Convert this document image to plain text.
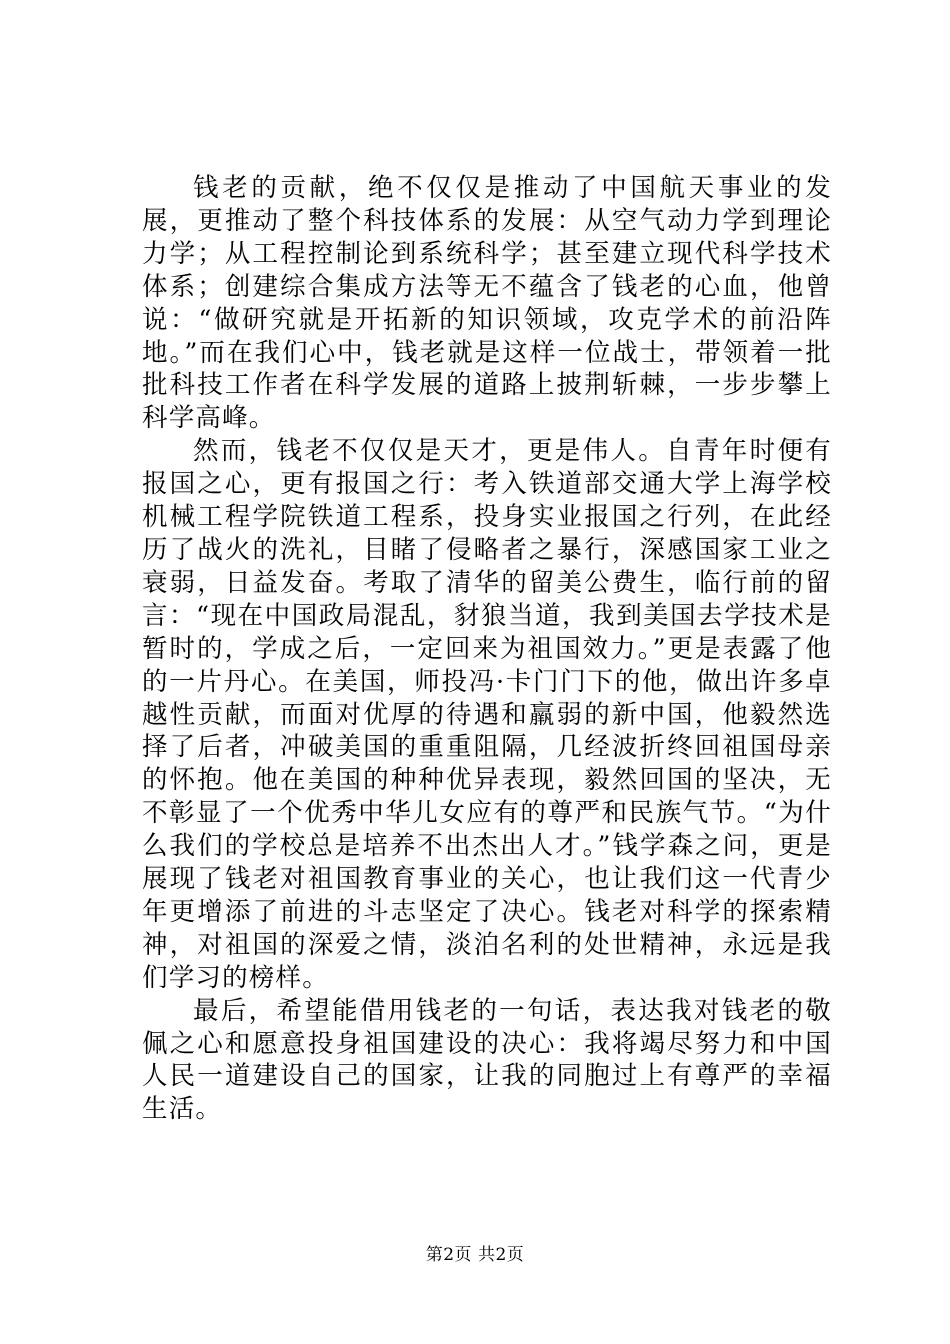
钱老的贡献，绝不仅仅是推动了中国航天事业的发展，更推动了整个科技体系的发展：从空气动力学到理论力学；从工程控制论到系统科学；甚至建立现代科学技术体系；创建综合集成方法等无不蕴含了钱老的心血，他曾说：“做研究就是开拓新的知识领域，攻克学术的前沿阵地。”而在我们心中，钱老就是这样一位战士，带领着一批批科技工作者在科学发展的道路上披荆斩棘，一步步攀上科学高峰。

然而，钱老不仅仅是天才，更是伟人。自青年时便有报国之心，更有报国之行：考入铁道部交通大学上海学校机械工程学院铁道工程系，投身实业报国之行列，在此经历了战火的洗礼，目睹了侵略者之暴行，深感国家工业之衰弱，日益发奋。考取了清华的留美公费生，临行前的留言：“现在中国政局混乱，豺狼当道，我到美国去学技术是暂时的，学成之后，一定回来为祖国效力。”更是表露了他的一片丹心。在美国，师投冯·卡门门下的他，做出许多卓越性贡献，而面对优厚的待遇和羸弱的新中国，他毅然选择了后者，冲破美国的重重阻隔，几经波折终回祖国母亲的怀抱。他在美国的种种优异表现，毅然回国的坚决，无不彰显了一个优秀中华儿女应有的尊严和民族气节。“为什么我们的学校总是培养不出杰出人才。”钱学森之问，更是展现了钱老对祖国教育事业的关心，也让我们这一代青少年更增添了前进的斗志坚定了决心。钱老对科学的探索精神，对祖国的深爱之情，淡泊名利的处世精神，永远是我们学习的榜样。

最后，希望能借用钱老的一句话，表达我对钱老的敬佩之心和愿意投身祖国建设的决心：我将竭尽努力和中国人民一道建设自己的国家，让我的同胞过上有尊严的幸福生活。

第2页 共2页
